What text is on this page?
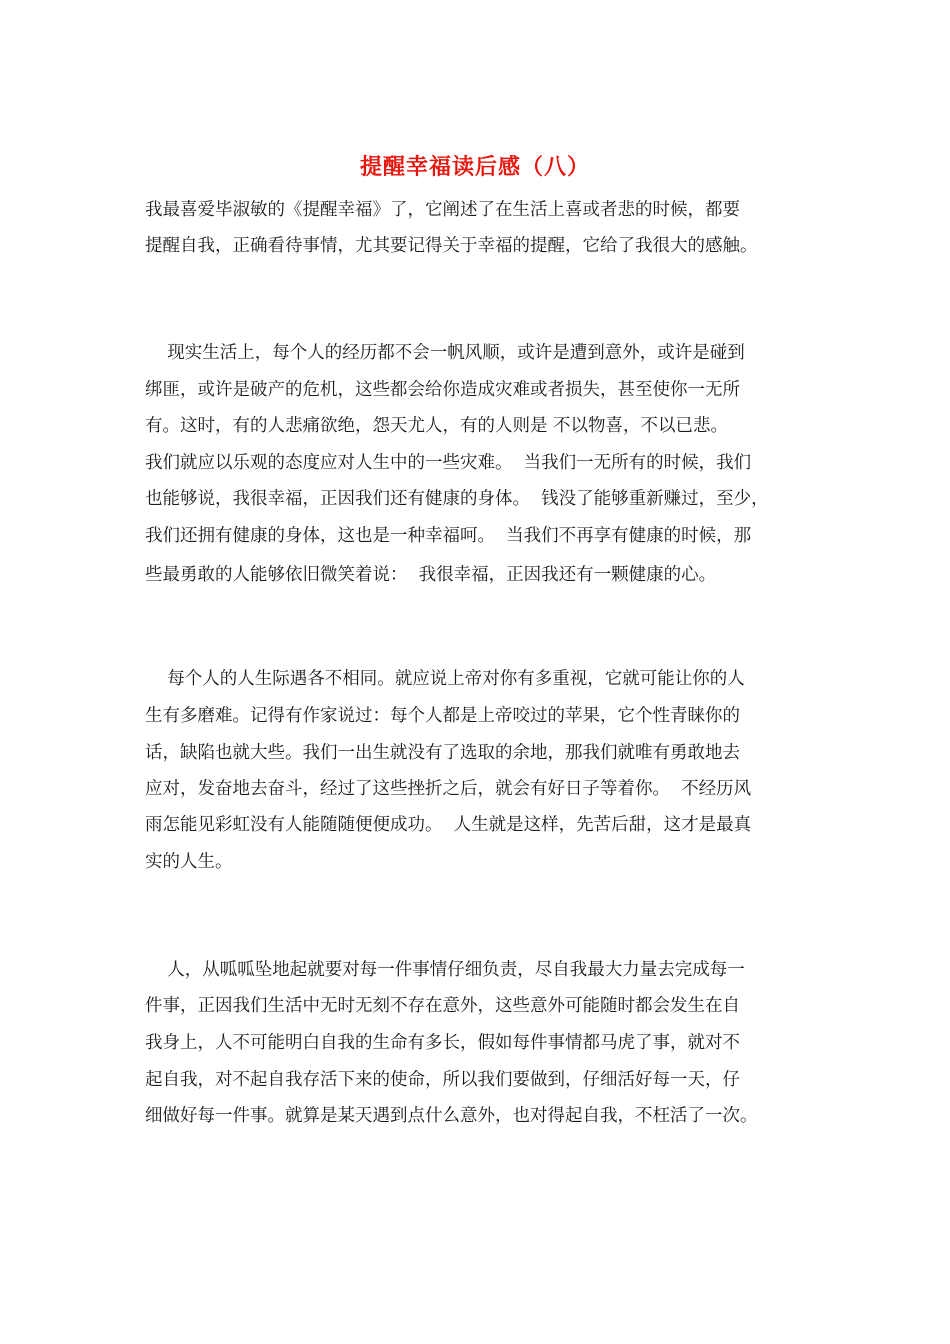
提醒幸福读后感（八）

我最喜爱毕淑敏的《提醒幸福》了，它阐述了在生活上喜或者悲的时候，都要

提醒自我，正确看待事情，尤其要记得关于幸福的提醒，它给了我很大的感触。

现实生活上，每个人的经历都不会一帆风顺，或许是遭到意外，或许是碰到

绑匪，或许是破产的危机，这些都会给你造成灾难或者损失，甚至使你一无所

有。这时，有的人悲痛欲绝，怨天尤人，有的人则是 不以物喜，不以已悲。

我们就应以乐观的态度应对人生中的一些灾难。  当我们一无所有的时候，我们

也能够说，我很幸福，正因我们还有健康的身体。  钱没了能够重新赚过，至少，

我们还拥有健康的身体，这也是一种幸福呵。  当我们不再享有健康的时候，那

些最勇敢的人能够依旧微笑着说：  我很幸福，正因我还有一颗健康的心。

每个人的人生际遇各不相同。就应说上帝对你有多重视，它就可能让你的人

生有多磨难。记得有作家说过：每个人都是上帝咬过的苹果，它个性青睐你的

话，缺陷也就大些。我们一出生就没有了选取的余地，那我们就唯有勇敢地去

应对，发奋地去奋斗，经过了这些挫折之后，就会有好日子等着你。  不经历风

雨怎能见彩虹没有人能随随便便成功。  人生就是这样，先苦后甜，这才是最真

实的人生。

人，从呱呱坠地起就要对每一件事情仔细负责，尽自我最大力量去完成每一

件事，正因我们生活中无时无刻不存在意外，这些意外可能随时都会发生在自

我身上，人不可能明白自我的生命有多长，假如每件事情都马虎了事，就对不

起自我，对不起自我存活下来的使命，所以我们要做到，仔细活好每一天，仔

细做好每一件事。就算是某天遇到点什么意外，也对得起自我，不枉活了一次。
